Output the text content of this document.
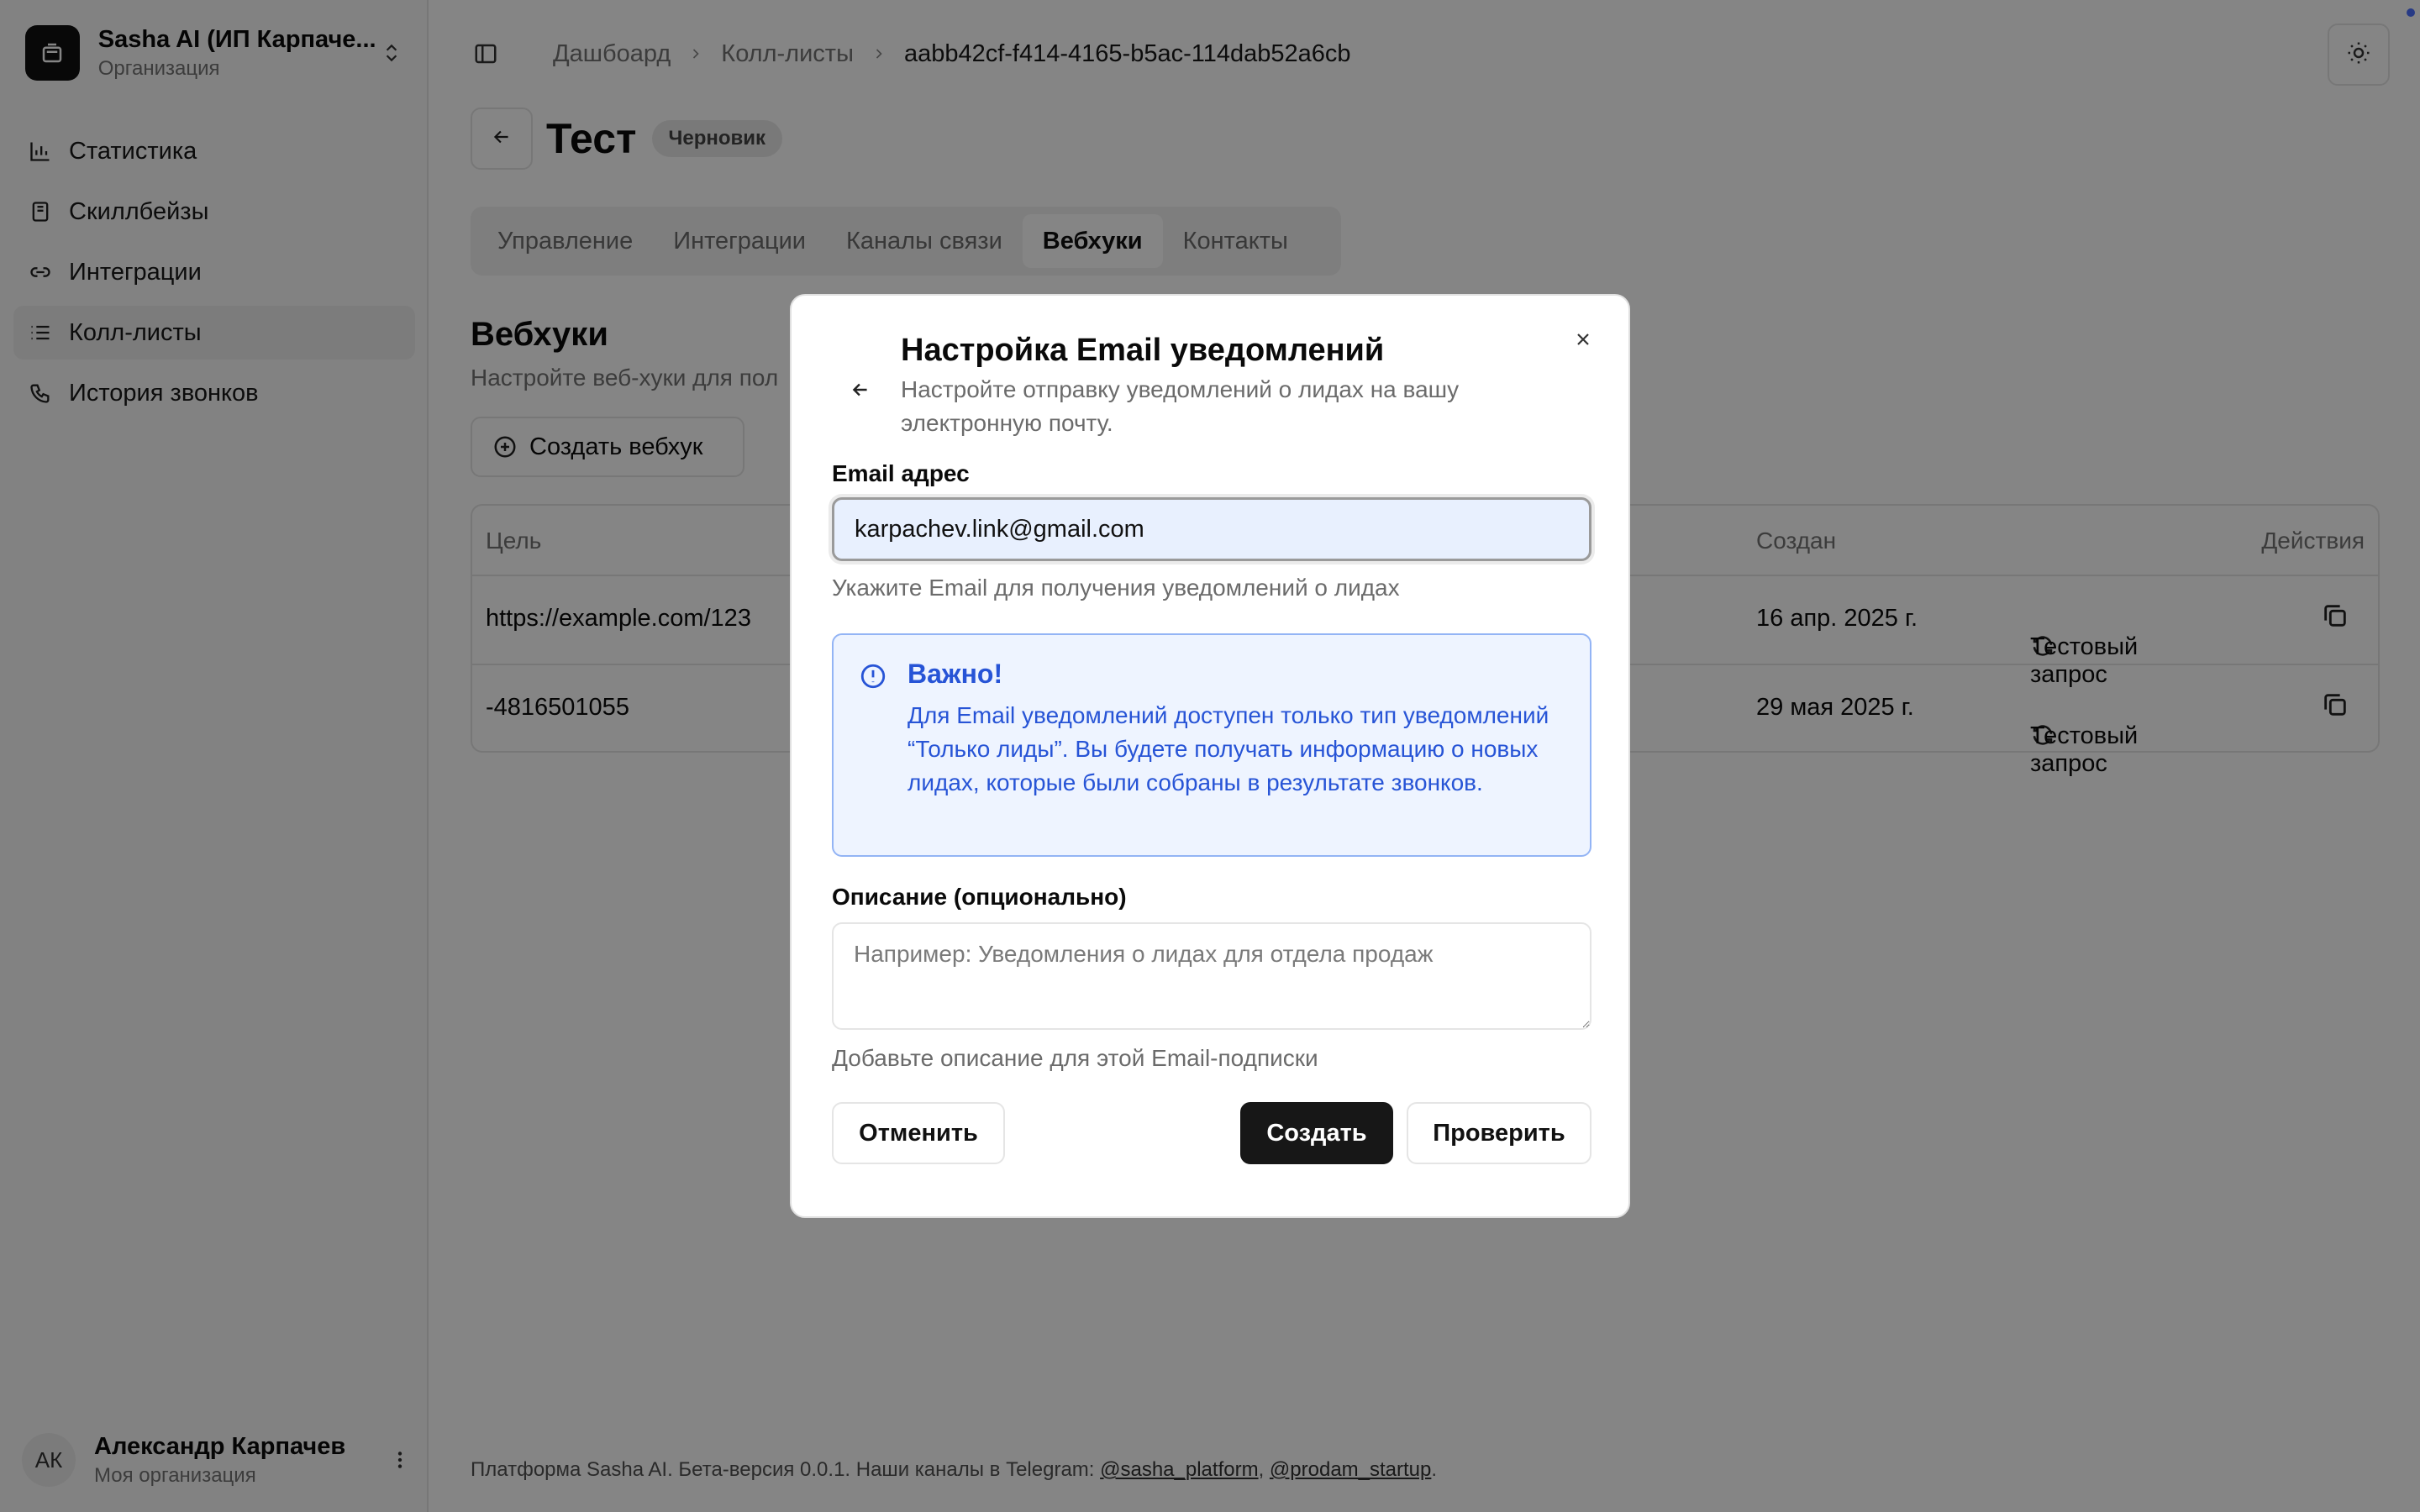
Sasha AI (ИП Карпаче...
Организация
Статистика
Скиллбейзы
Интеграции
Колл-листы
История звонков
АК	Александр Карпачев
Моя организация
Дашбоард Колл-листы aabb42cf-f414-4165-b5ac-114dab52a6cb
Тест	Черновик
Управление	Интеграции	Каналы связи	Вебхуки	Контакты
Вебхуки
Настройте веб-хуки для пол
Создать вебхук
Цель	Создан	Действия
https://example.com/123	16 апр. 2025 г.
Тестовый запрос
-4816501055	29 мая 2025 г.
Тестовый запрос
Платформа Sasha AI. Бета-версия 0.0.1. Наши каналы в Telegram: @sasha_platform, @prodam_startup.
Настройка Email уведомлений
Настройте отправку уведомлений о лидах на вашу электронную почту.
Email адрес
karpachev.link@gmail.com
Укажите Email для получения уведомлений о лидах
Важно!
Для Email уведомлений доступен только тип уведомлений “Только лиды”. Вы будете получать информацию о новых лидах, которые были собраны в результате звонков.
Описание (опционально)
Например: Уведомления о лидах для отдела продаж
Добавьте описание для этой Email-подписки
Отменить	Создать	Проверить
